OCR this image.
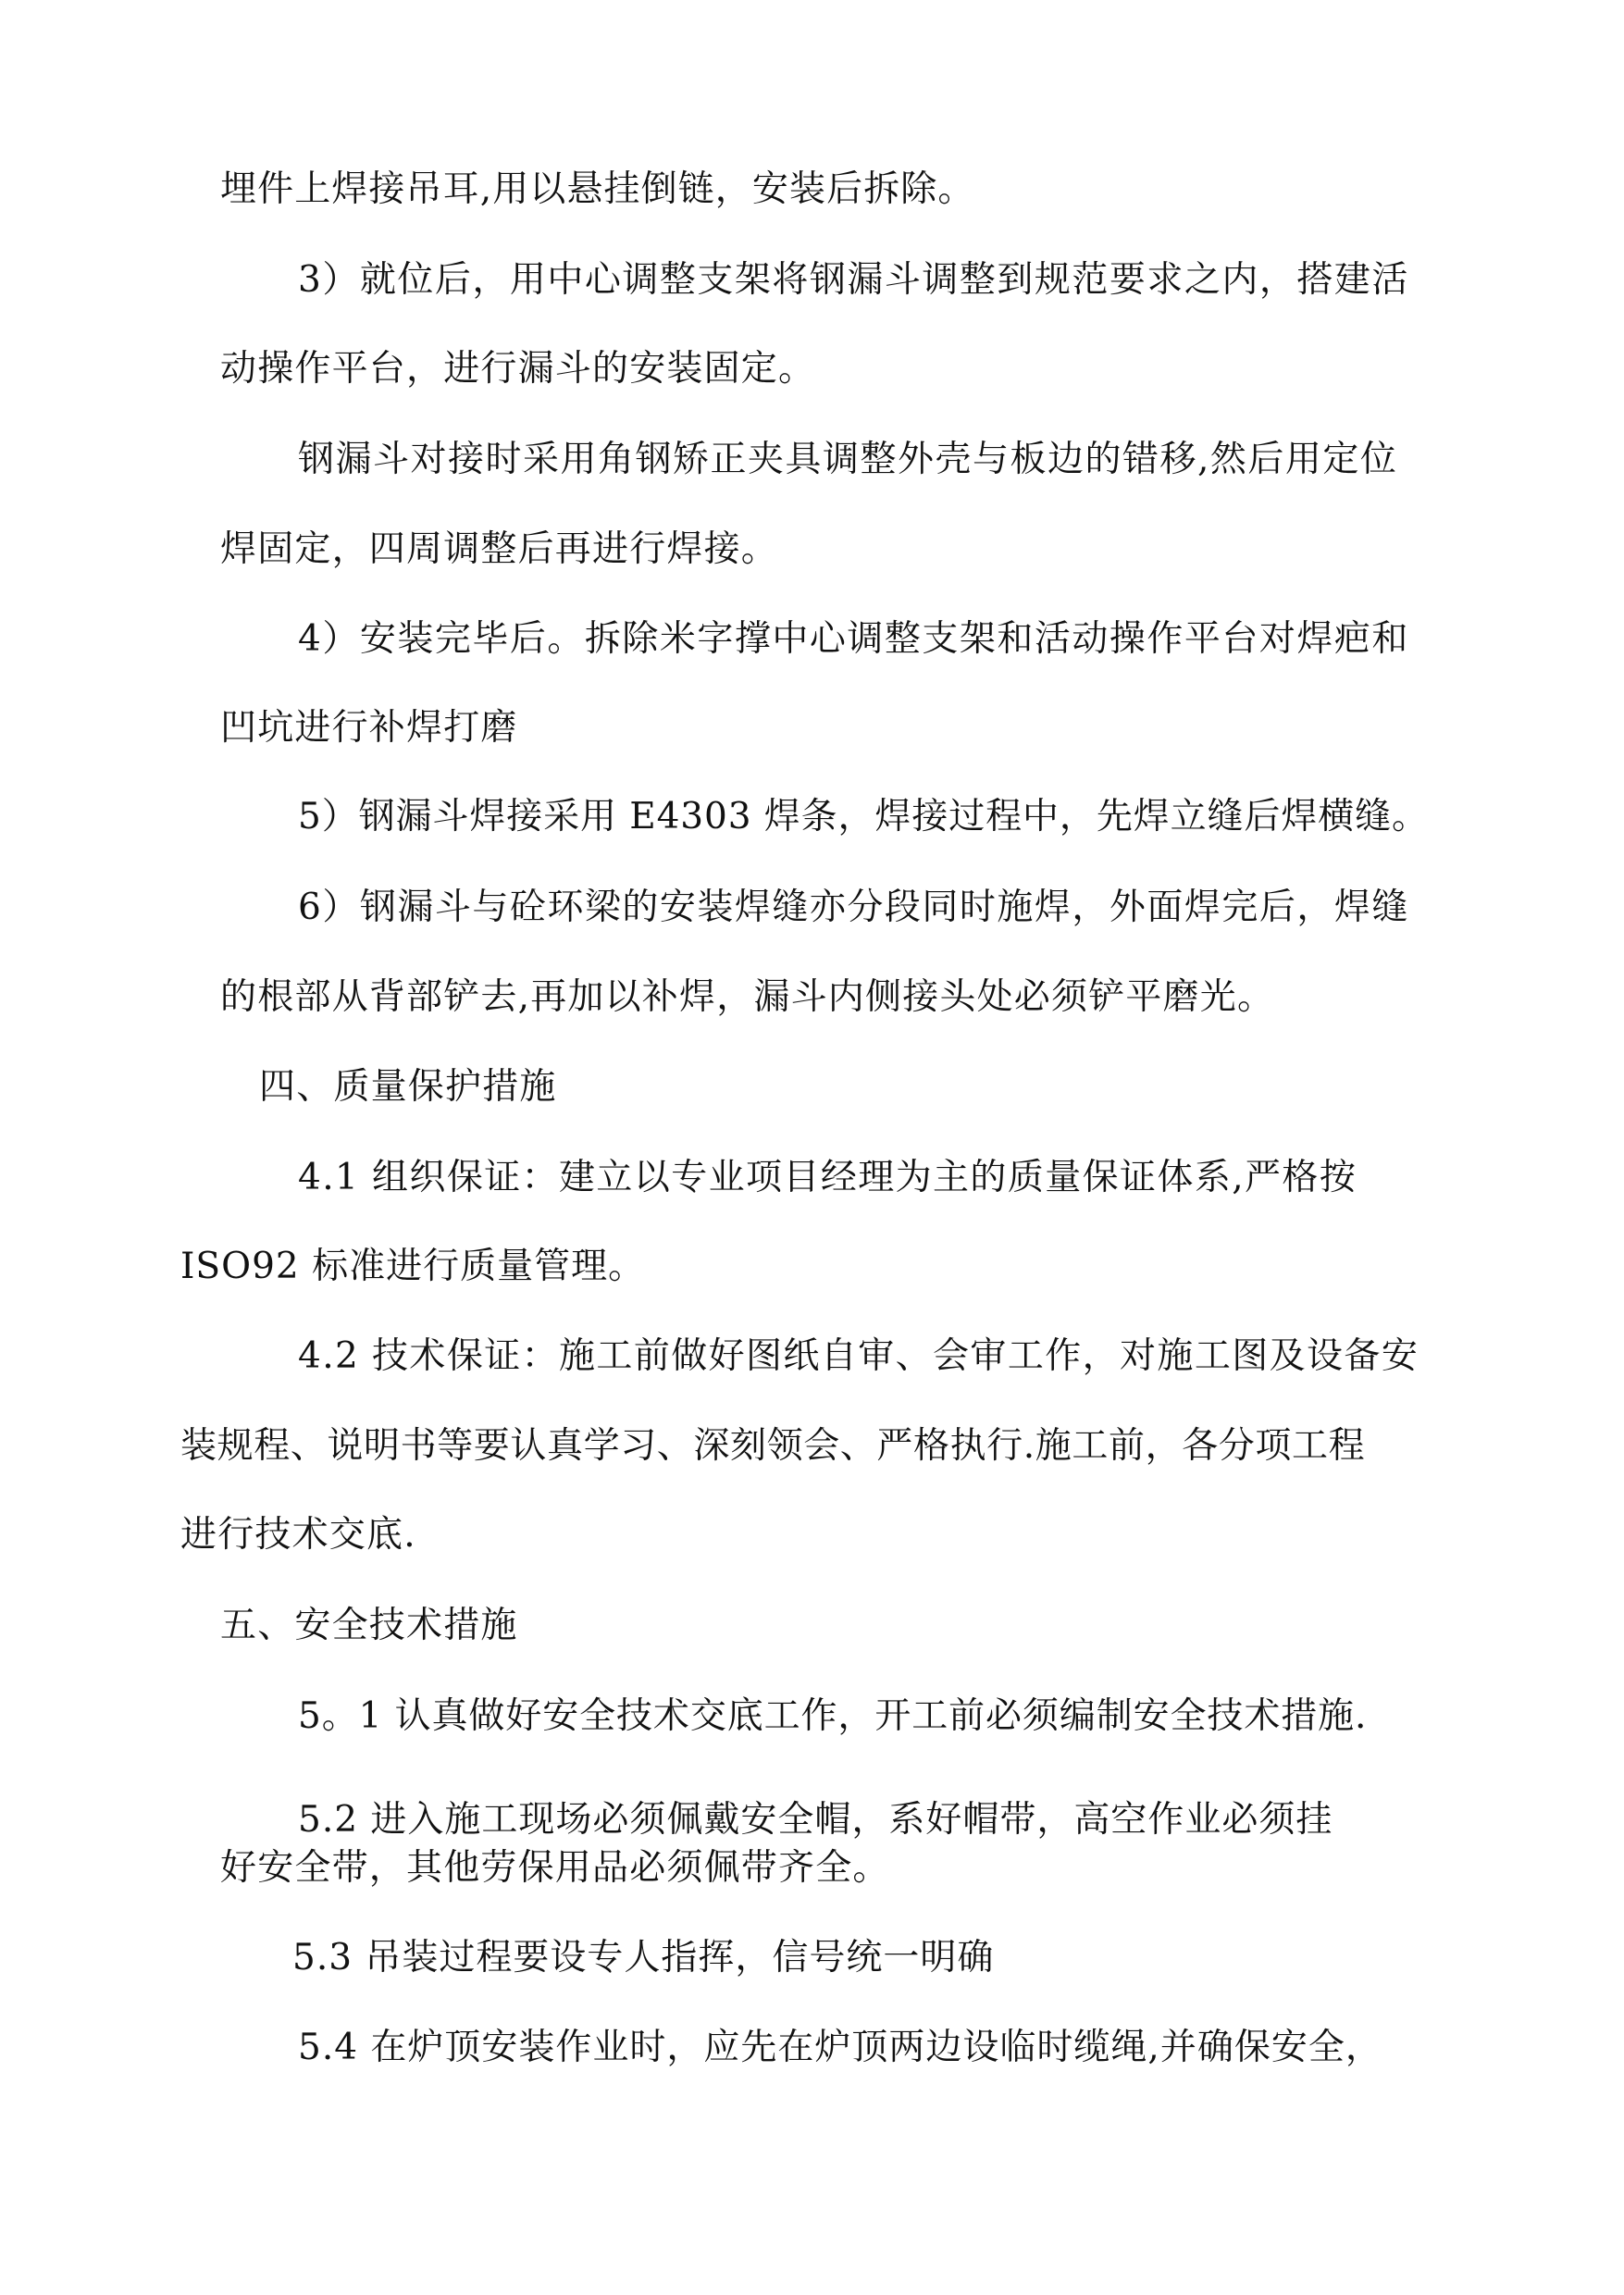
埋件上焊接吊耳,用以悬挂倒链，安装后拆除。

3）就位后，用中心调整支架将钢漏斗调整到规范要求之内，搭建活

动操作平台，进行漏斗的安装固定。

钢漏斗对接时采用角钢矫正夹具调整外壳与板边的错移,然后用定位

焊固定，四周调整后再进行焊接。

4）安装完毕后。拆除米字撑中心调整支架和活动操作平台对焊疤和

凹坑进行补焊打磨

5）钢漏斗焊接采用 E4303 焊条，焊接过程中，先焊立缝后焊横缝。

6）钢漏斗与砼环梁的安装焊缝亦分段同时施焊，外面焊完后，焊缝

的根部从背部铲去,再加以补焊，漏斗内侧接头处必须铲平磨光。

四、质量保护措施

4.1 组织保证：建立以专业项目经理为主的质量保证体系,严格按

ISO92 标准进行质量管理。

4.2 技术保证：施工前做好图纸自审、会审工作，对施工图及设备安

装规程、说明书等要认真学习、深刻领会、严格执行.施工前，各分项工程

进行技术交底.

五、安全技术措施

5。1 认真做好安全技术交底工作，开工前必须编制安全技术措施.

5.2 进入施工现场必须佩戴安全帽，系好帽带，高空作业必须挂

好安全带，其他劳保用品必须佩带齐全。

5.3 吊装过程要设专人指挥，信号统一明确

5.4 在炉顶安装作业时，应先在炉顶两边设临时缆绳,并确保安全，
